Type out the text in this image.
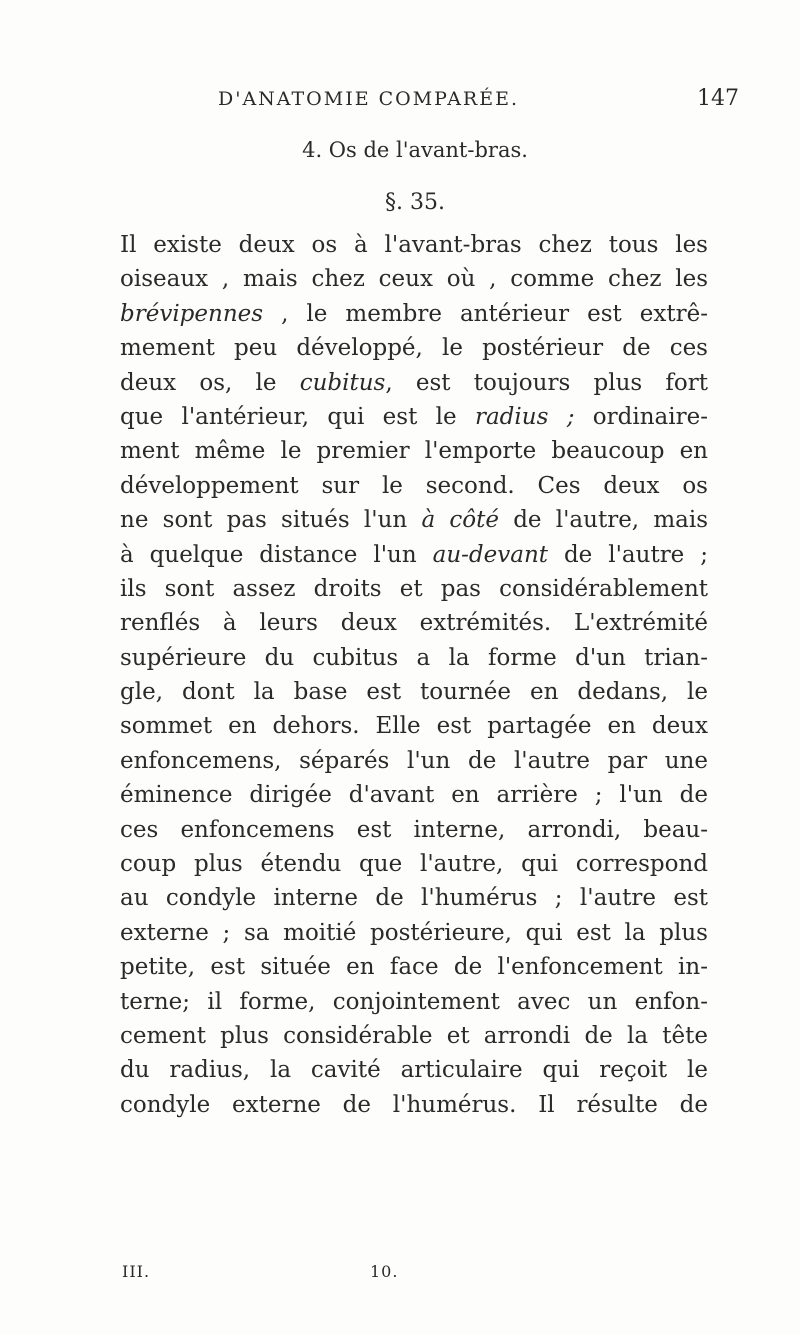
D'ANATOMIE COMPARÉE.	147
4. Os de l'avant-bras.
§. 35.
Il existe deux os à l'avant-bras chez tous les
oiseaux , mais chez ceux où , comme chez les
brévipennes , le membre antérieur est extrê-
mement peu développé, le postérieur de ces
deux os, le cubitus, est toujours plus fort
que l'antérieur, qui est le radius ; ordinaire-
ment même le premier l'emporte beaucoup en
développement sur le second. Ces deux os
ne sont pas situés l'un à côté de l'autre, mais
à quelque distance l'un au-devant de l'autre ;
ils sont assez droits et pas considérablement
renflés à leurs deux extrémités. L'extrémité
supérieure du cubitus a la forme d'un trian-
gle, dont la base est tournée en dedans, le
sommet en dehors. Elle est partagée en deux
enfoncemens, séparés l'un de l'autre par une
éminence dirigée d'avant en arrière ; l'un de
ces enfoncemens est interne, arrondi, beau-
coup plus étendu que l'autre, qui correspond
au condyle interne de l'humérus ; l'autre est
externe ; sa moitié postérieure, qui est la plus
petite, est située en face de l'enfoncement in-
terne; il forme, conjointement avec un enfon-
cement plus considérable et arrondi de la tête
du radius, la cavité articulaire qui reçoit le
condyle externe de l'humérus. Il résulte de
III.	10.
